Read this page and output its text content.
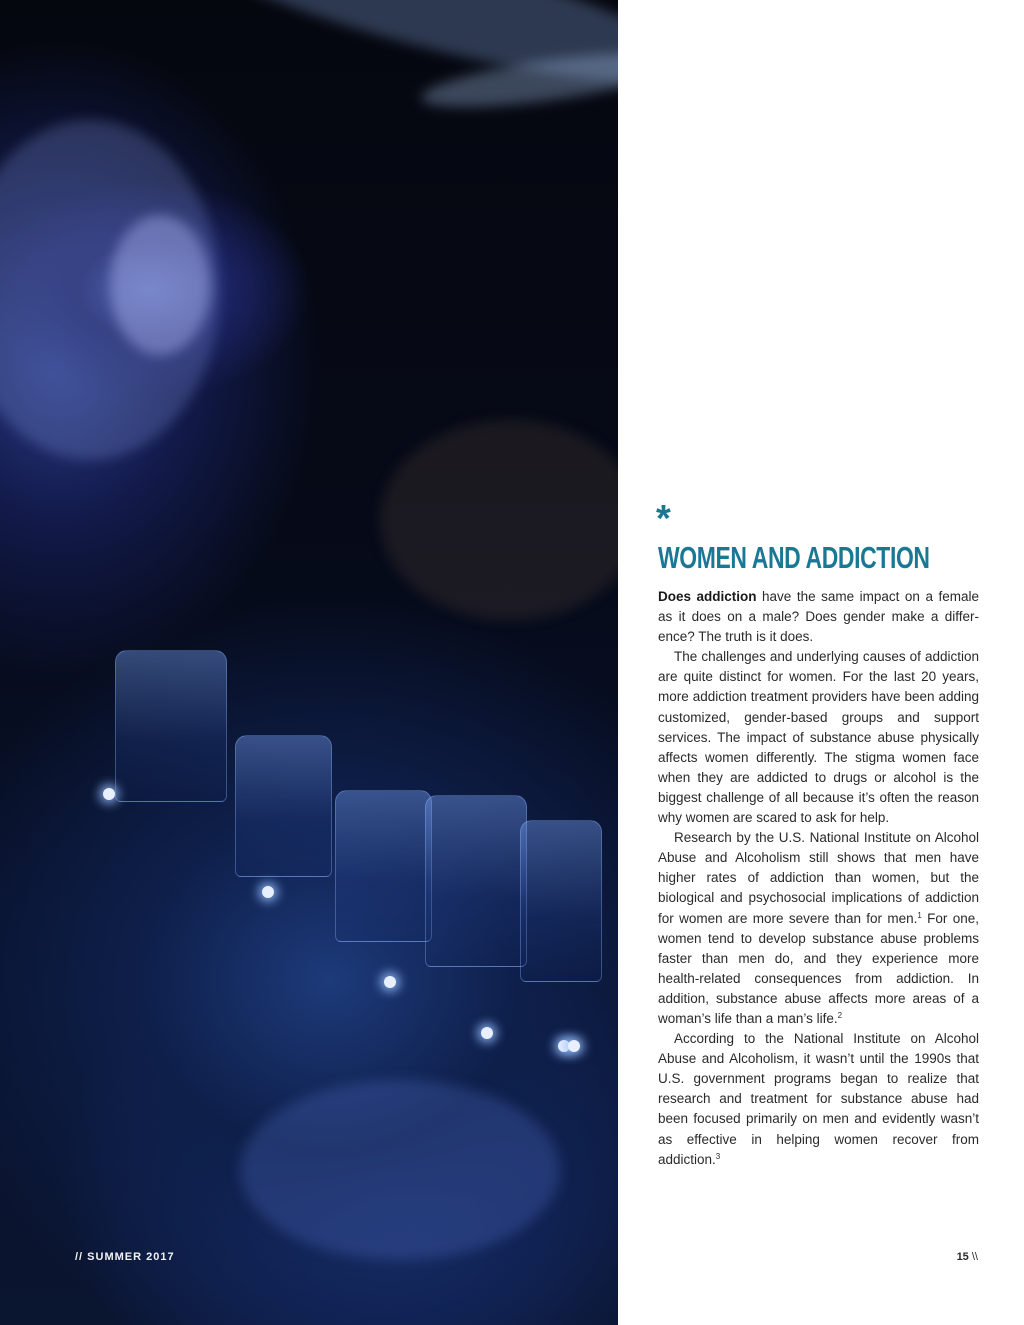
// SUMMER 2017
*
WOMEN AND ADDICTION

Does addiction have the same impact on a female as it does on a male? Does gender make a difference? The truth is it does.

The challenges and underlying causes of addiction are quite distinct for women. For the last 20 years, more addiction treatment providers have been adding customized, gender-based groups and support services. The impact of substance abuse physically affects women differently. The stigma women face when they are addicted to drugs or alcohol is the biggest challenge of all because it’s often the reason why women are scared to ask for help.

Research by the U.S. National Institute on Alcohol Abuse and Alcoholism still shows that men have higher rates of addiction than women, but the biological and psychosocial implications of addiction for women are more severe than for men.$^1$ For one, women tend to develop substance abuse problems faster than men do, and they experience more health-related consequences from addiction. In addition, substance abuse affects more areas of a woman’s life than a man’s life.$^2$

According to the National Institute on Alcohol Abuse and Alcoholism, it wasn’t until the 1990s that U.S. government programs began to realize that research and treatment for substance abuse had been focused primarily on men and evidently wasn’t as effective in helping women recover from addiction.$^3$

15 \\
